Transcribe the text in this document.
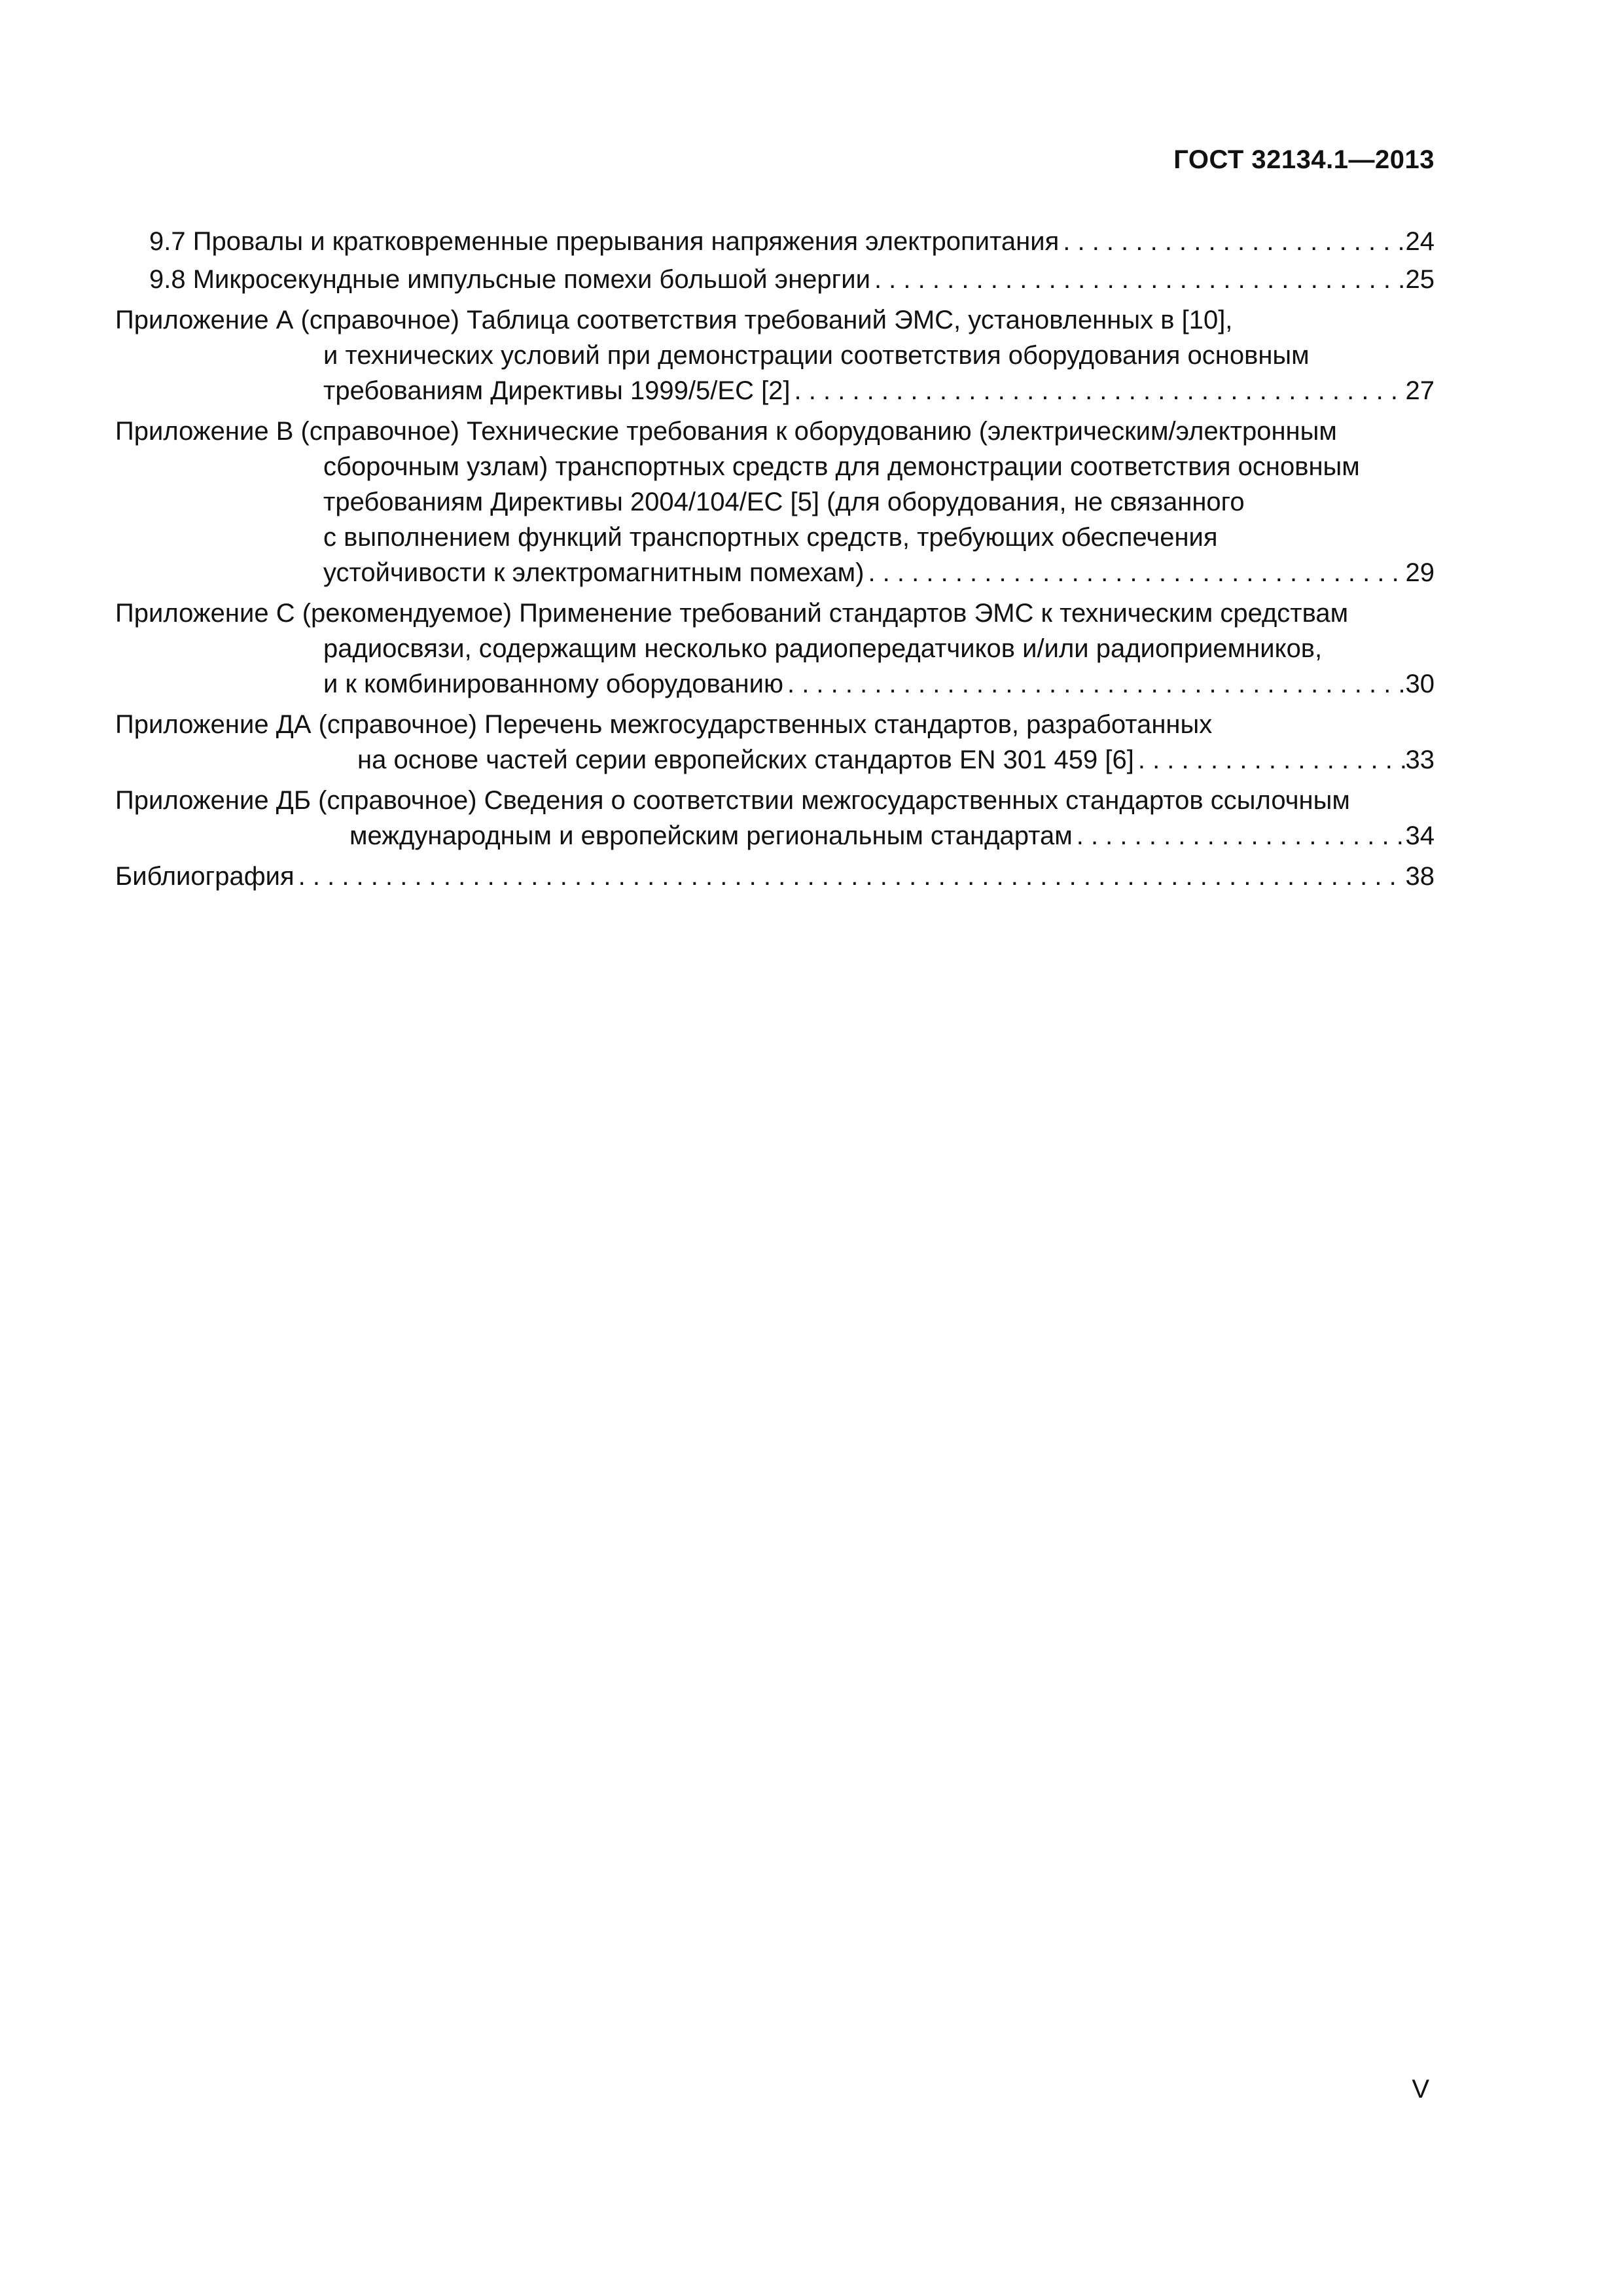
ГОСТ 32134.1—2013
9.7 Провалы и кратковременные прерывания напряжения электропитания . . .	24
9.8 Микросекундные импульсные помехи большой энергии . . .	25
Приложение А (справочное) Таблица соответствия требований ЭМС, установленных в [10],
и технических условий при демонстрации соответствия оборудования основным
требованиям Директивы 1999/5/ЕС [2] . . .	27
Приложение В (справочное) Технические требования к оборудованию (электрическим/электронным
сборочным узлам) транспортных средств для демонстрации соответствия основным
требованиям Директивы 2004/104/ЕС [5] (для оборудования, не связанного
с выполнением функций транспортных средств, требующих обеспечения
устойчивости к электромагнитным помехам) . . .	29
Приложение С (рекомендуемое) Применение требований стандартов ЭМС к техническим средствам
радиосвязи, содержащим несколько радиопередатчиков и/или радиоприемников,
и к комбинированному оборудованию . . .	30
Приложение ДА (справочное) Перечень межгосударственных стандартов, разработанных
на основе частей серии европейских стандартов EN 301 459 [6] . . .	33
Приложение ДБ (справочное) Сведения о соответствии межгосударственных стандартов ссылочным
международным и европейским региональным стандартам . . .	34
Библиография . . .	38
V
